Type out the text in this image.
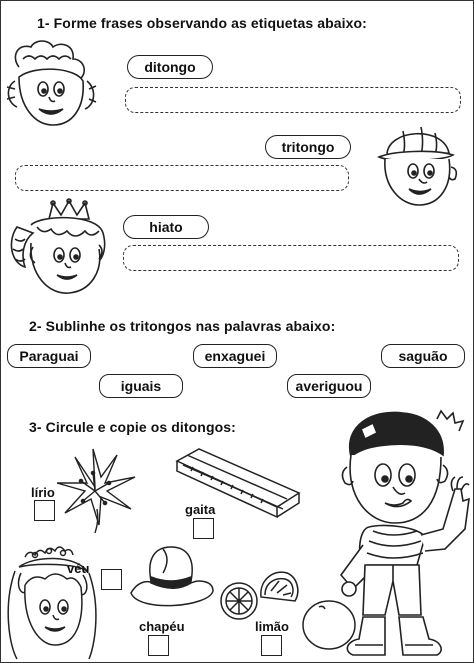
1- Forme frases observando as etiquetas abaixo:
ditongo
tritongo
hiato
2- Sublinhe os tritongos nas palavras abaixo:
Paraguai	enxaguei	saguão
iguais	averiguou
3- Circule e copie os ditongos:
lírio
gaita
véu
chapéu	limão
